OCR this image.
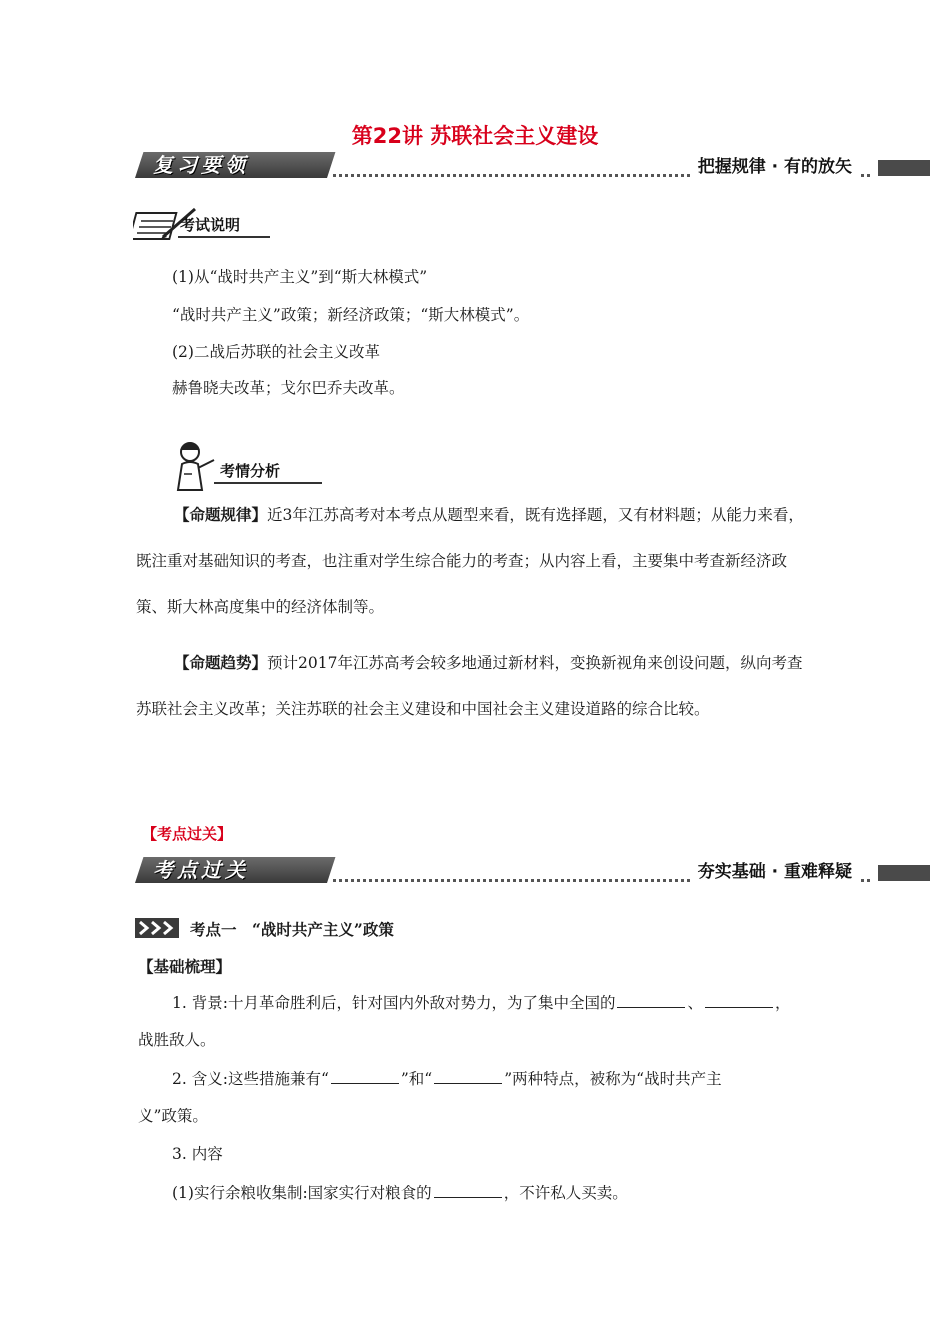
第22讲 苏联社会主义建设
复习要领	把握规律 · 有的放矢
考试说明
(1)从“战时共产主义”到“斯大林模式”
“战时共产主义”政策；新经济政策；“斯大林模式”。
(2)二战后苏联的社会主义改革
赫鲁晓夫改革；戈尔巴乔夫改革。
考情分析
【命题规律】近3年江苏高考对本考点从题型来看，既有选择题，又有材料题；从能力来看，既注重对基础知识的考查，也注重对学生综合能力的考查；从内容上看，主要集中考查新经济政策、斯大林高度集中的经济体制等。
【命题趋势】预计2017年江苏高考会较多地通过新材料，变换新视角来创设问题，纵向考查苏联社会主义改革；关注苏联的社会主义建设和中国社会主义建设道路的综合比较。
【考点过关】
考点过关	夯实基础 · 重难释疑
考点一　“战时共产主义”政策
【基础梳理】
1. 背景:十月革命胜利后，针对国内外敌对势力，为了集中全国的	、	，
战胜敌人。
2. 含义:这些措施兼有“	”和“	”两种特点，被称为“战时共产主
义”政策。
3. 内容
(1)实行余粮收集制:国家实行对粮食的	，不许私人买卖。
